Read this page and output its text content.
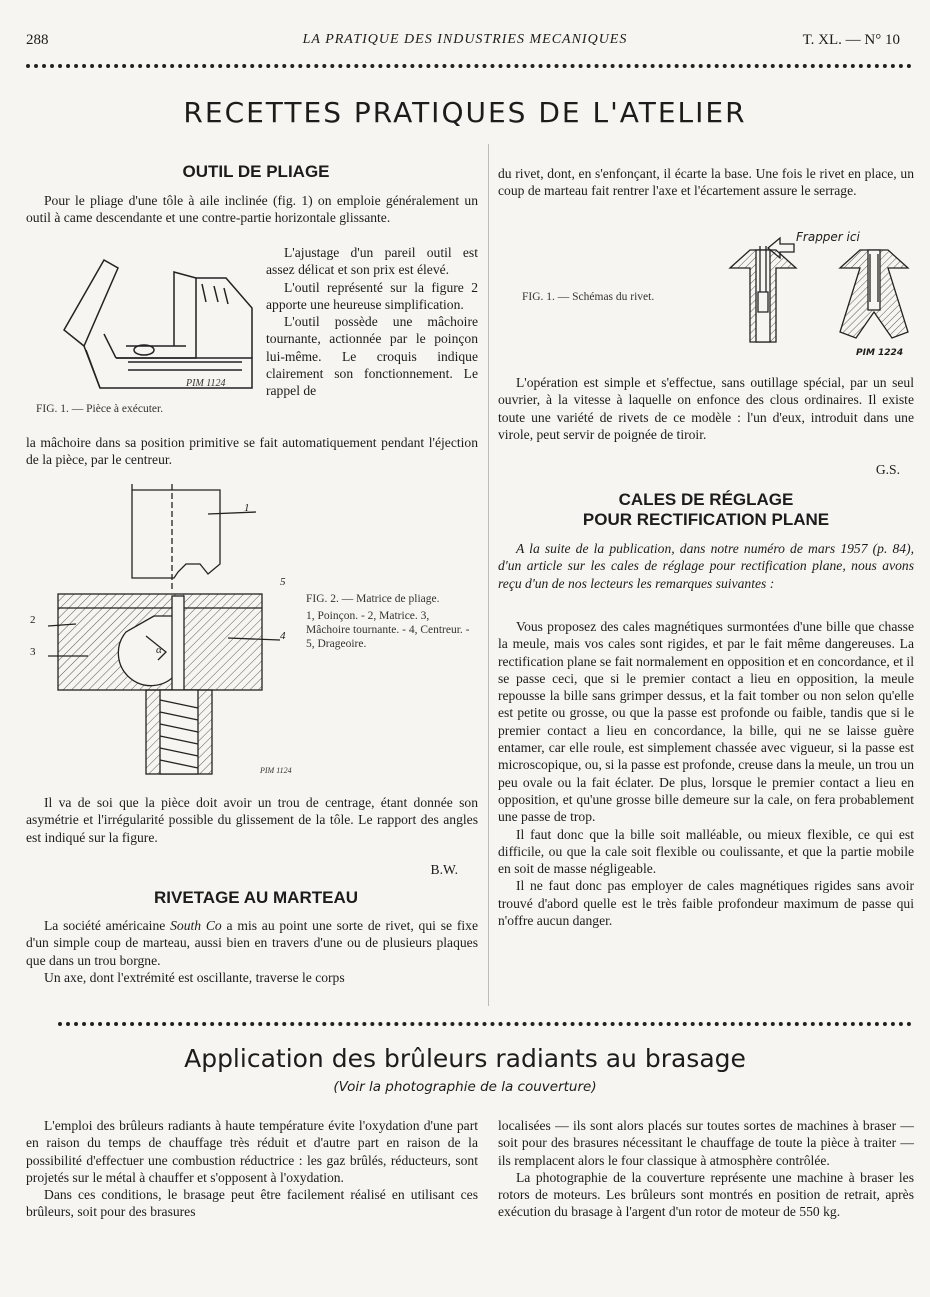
288	LA PRATIQUE DES INDUSTRIES MECANIQUES	T. XL. — N° 10
RECETTES PRATIQUES DE L'ATELIER
OUTIL DE PLIAGE

Pour le pliage d'une tôle à aile inclinée (fig. 1) on emploie généralement un outil à came descendante et une contre-partie horizontale glissante.

PIM 1124
FIG. 1. — Pièce à exécuter.

L'ajustage d'un pareil outil est assez délicat et son prix est élevé.

L'outil représenté sur la figure 2 apporte une heureuse simplification.

L'outil possède une mâchoire tournante, actionnée par le poinçon lui-même. Le croquis indique clairement son fonctionnement. Le rappel de

la mâchoire dans sa position primitive se fait automatiquement pendant l'éjection de la pièce, par le centreur.

1
2
3
4
5
α
PIM 1124
FIG. 2. — Matrice de pliage.
1, Poinçon. - 2, Matrice. 3, Mâchoire tournante. - 4, Centreur. - 5, Drageoire.

Il va de soi que la pièce doit avoir un trou de centrage, étant donnée son asymétrie et l'irrégularité possible du glissement de la tôle. Le rapport des angles est indiqué sur la figure.

B.W.
RIVETAGE AU MARTEAU

La société américaine South Co a mis au point une sorte de rivet, qui se fixe d'un simple coup de marteau, aussi bien en travers d'une ou de plusieurs plaques que dans un trou borgne.

Un axe, dont l'extrémité est oscillante, traverse le corps

du rivet, dont, en s'enfonçant, il écarte la base. Une fois le rivet en place, un coup de marteau fait rentrer l'axe et l'écartement assure le serrage.

FIG. 1. — Schémas du rivet.
Frapper ici
PIM 1224

L'opération est simple et s'effectue, sans outillage spécial, par un seul ouvrier, à la vitesse à laquelle on enfonce des clous ordinaires. Il existe toute une variété de rivets de ce modèle : l'un d'eux, introduit dans une virole, peut servir de poignée de tiroir.

G.S.
CALES DE RÉGLAGE
POUR RECTIFICATION PLANE

A la suite de la publication, dans notre numéro de mars 1957 (p. 84), d'un article sur les cales de réglage pour rectification plane, nous avons reçu d'un de nos lecteurs les remarques suivantes :

Vous proposez des cales magnétiques surmontées d'une bille que chasse la meule, mais vos cales sont rigides, et par le fait même dangereuses. La rectification plane se fait normalement en opposition et en concordance, et il se passe ceci, que si le premier contact a lieu en opposition, la meule repousse la bille sans grimper dessus, et la fait tomber ou non selon qu'elle est petite ou grosse, ou que la passe est profonde ou faible, tandis que si le premier contact a lieu en concordance, la bille, qui ne se laisse guère entamer, car elle roule, est simplement chassée avec vigueur, si la passe est microscopique, ou, si la passe est profonde, creuse dans la meule, un trou un peu ovale ou la fait éclater. De plus, lorsque le premier contact a lieu en opposition, et qu'une grosse bille demeure sur la cale, on fera probablement une passe de trop.

Il faut donc que la bille soit malléable, ou mieux flexible, ce qui est difficile, ou que la cale soit flexible ou coulissante, et que la partie mobile en soit de masse négligeable.

Il ne faut donc pas employer de cales magnétiques rigides sans avoir trouvé d'abord quelle est le très faible profondeur maximum de passe qui n'offre aucun danger.

Application des brûleurs radiants au brasage
(Voir la photographie de la couverture)

L'emploi des brûleurs radiants à haute température évite l'oxydation d'une part en raison du temps de chauffage très réduit et d'autre part en raison de la possibilité d'effectuer une combustion réductrice : les gaz brûlés, réducteurs, sont projetés sur le métal à chauffer et s'opposent à l'oxydation.

Dans ces conditions, le brasage peut être facilement réalisé en utilisant ces brûleurs, soit pour des brasures

localisées — ils sont alors placés sur toutes sortes de machines à braser — soit pour des brasures nécessitant le chauffage de toute la pièce à traiter — ils remplacent alors le four classique à atmosphère contrôlée.

La photographie de la couverture représente une machine à braser les rotors de moteurs. Les brûleurs sont montrés en position de retrait, après exécution du brasage à l'argent d'un rotor de moteur de 550 kg.
